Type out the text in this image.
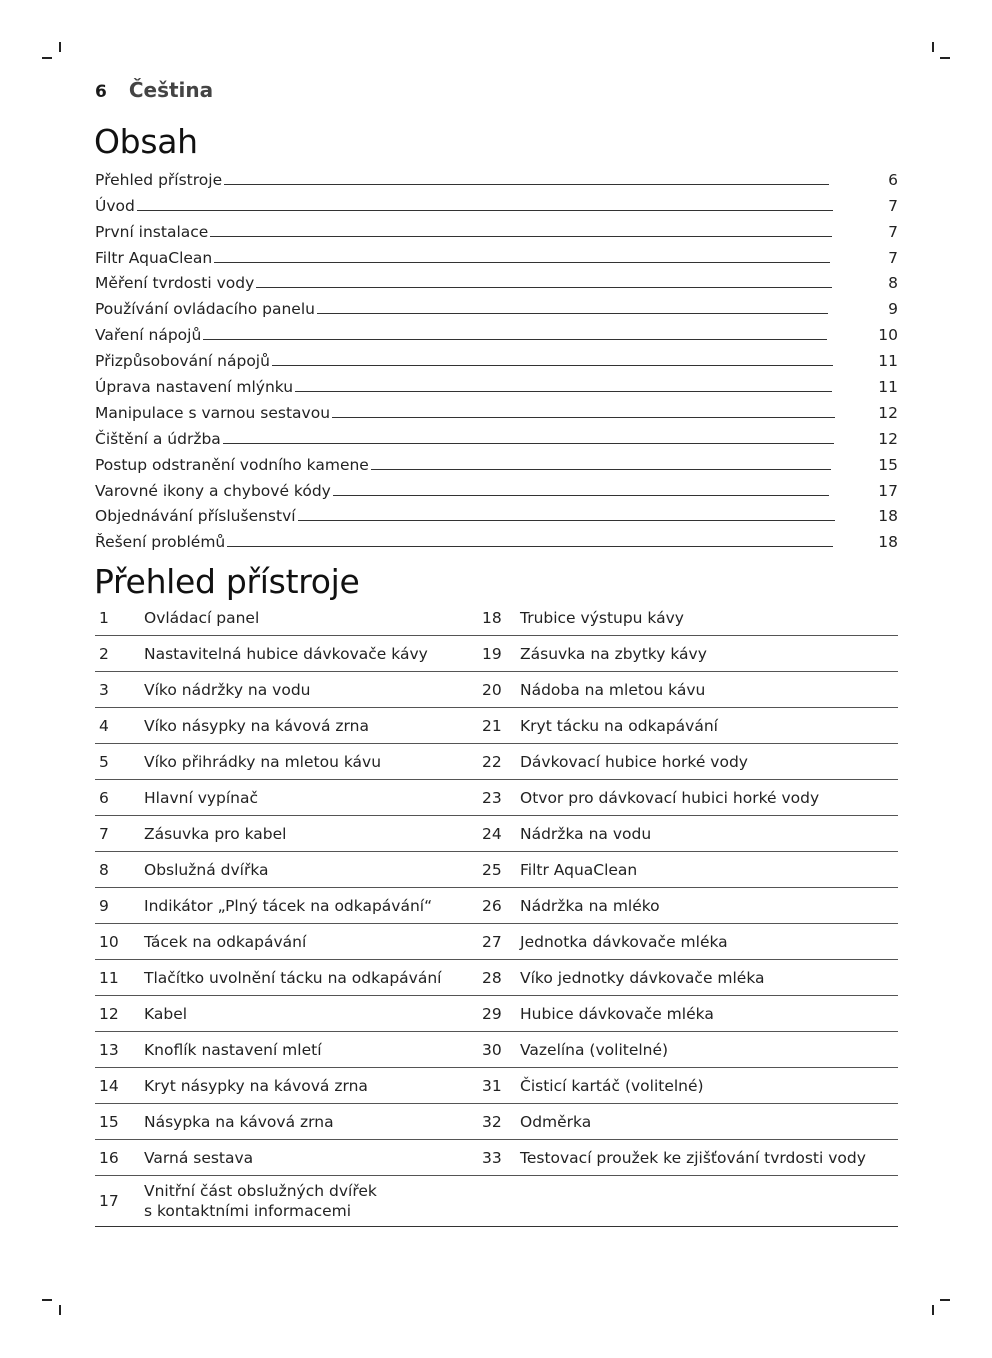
6 Čeština
Obsah
Přehled přístroje	6
Úvod	7
První instalace	7
Filtr AquaClean	7
Měření tvrdosti vody	8
Používání ovládacího panelu	9
Vaření nápojů	10
Přizpůsobování nápojů	11
Úprava nastavení mlýnku	11
Manipulace s varnou sestavou	12
Čištění a údržba	12
Postup odstranění vodního kamene	15
Varovné ikony a chybové kódy	17
Objednávání příslušenství	18
Řešení problémů	18
Přehled přístroje
1	Ovládací panel	18	Trubice výstupu kávy
2	Nastavitelná hubice dávkovače kávy	19	Zásuvka na zbytky kávy
3	Víko nádržky na vodu	20	Nádoba na mletou kávu
4	Víko násypky na kávová zrna	21	Kryt tácku na odkapávání
5	Víko přihrádky na mletou kávu	22	Dávkovací hubice horké vody
6	Hlavní vypínač	23	Otvor pro dávkovací hubici horké vody
7	Zásuvka pro kabel	24	Nádržka na vodu
8	Obslužná dvířka	25	Filtr AquaClean
9	Indikátor „Plný tácek na odkapávání“	26	Nádržka na mléko
10	Tácek na odkapávání	27	Jednotka dávkovače mléka
11	Tlačítko uvolnění tácku na odkapávání	28	Víko jednotky dávkovače mléka
12	Kabel	29	Hubice dávkovače mléka
13	Knoflík nastavení mletí	30	Vazelína (volitelné)
14	Kryt násypky na kávová zrna	31	Čisticí kartáč (volitelné)
15	Násypka na kávová zrna	32	Odměrka
16	Varná sestava	33	Testovací proužek ke zjišťování tvrdosti vody
17	Vnitřní část obslužných dvířek
s kontaktními informacemi		
